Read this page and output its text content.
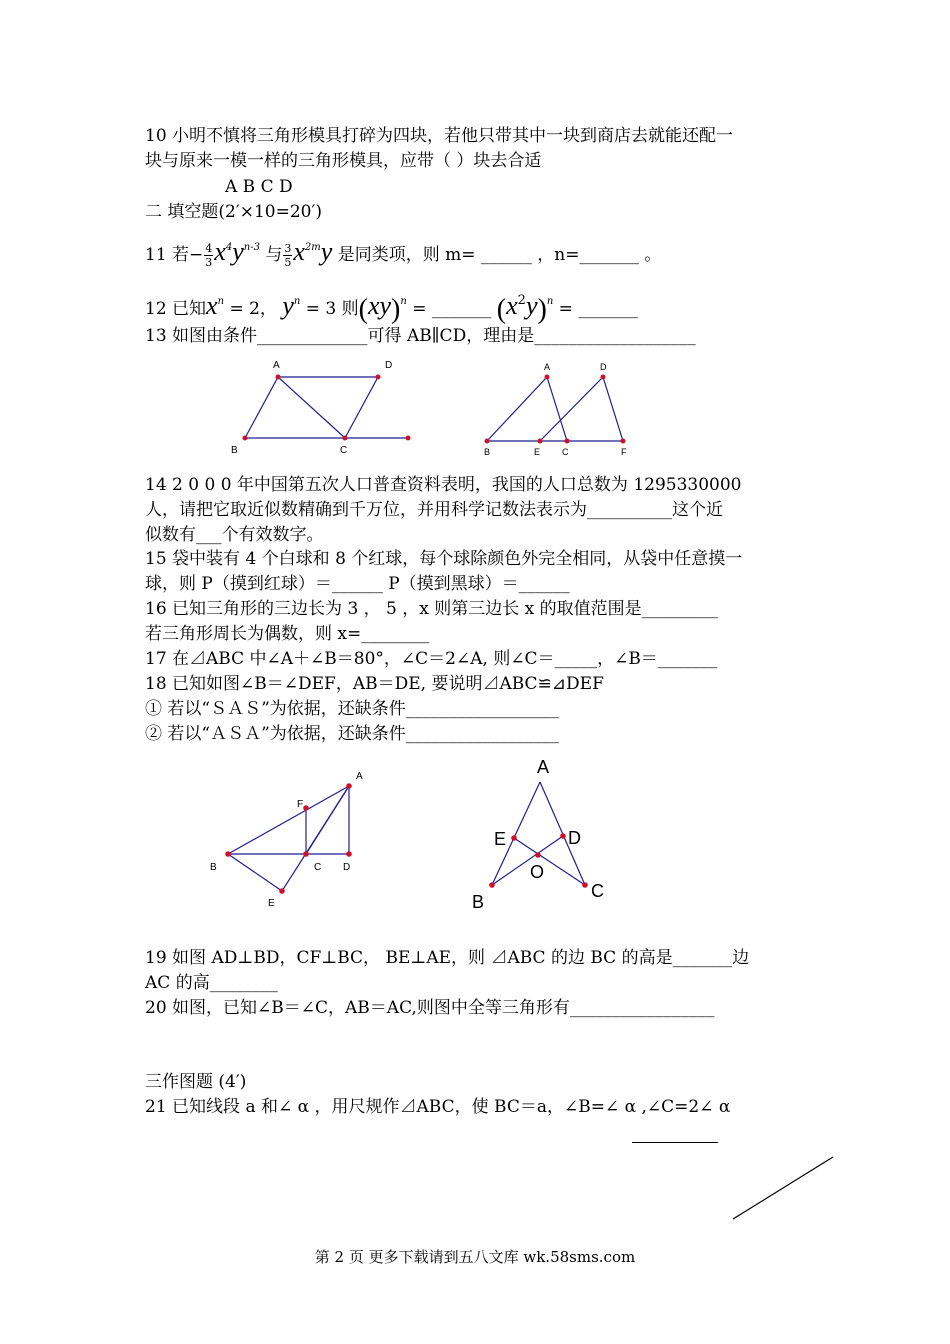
10 小明不慎将三角形模具打碎为四块，若他只带其中一块到商店去就能还配一
块与原来一模一样的三角形模具，应带（ ）块去合适
A B C D
二 填空题(2′×10=20′)
11 若− $\frac{4}{3} x^4y^{n-3}$ 与 $\frac{3}{5} x^{2m}y$ 是同类项，则 m= ______ ，n=_______ 。
12 已知$x^n = 2$， $y^n = 3$ 则(xy)$^n$ = _______ $(x^2y)^n$ = _______
13 如图由条件_____________可得 AB∥CD，理由是___________________
A	D
B	C
A	D
B	E C	F
14 2 0 0 0 年中国第五次人口普查资料表明，我国的人口总数为 1295330000
人，请把它取近似数精确到千万位，并用科学记数法表示为__________这个近
似数有___个有效数字。
15 袋中装有 4 个白球和 8 个红球，每个球除颜色外完全相同，从袋中任意摸一
球，则 P（摸到红球）＝______ P（摸到黑球）＝______
16 已知三角形的三边长为 3 ， 5 ，x 则第三边长 x 的取值范围是_________
若三角形周长为偶数，则 x=________
17 在⊿ABC 中∠A＋∠B＝80°，∠C＝2∠A, 则∠C＝_____，∠B＝_______
18 已知如图∠B＝∠DEF，AB＝DE, 要说明⊿ABC≌⊿DEF
① 若以“ＳＡＳ”为依据，还缺条件__________________
② 若以“ＡＳＡ”为依据，还缺条件__________________
A
F
B	C D
E
A
E	D
O
B
C
19 如图 AD⊥BD，CF⊥BC， BE⊥AE，则 ⊿ABC 的边 BC 的高是_______边
AC 的高________
20 如图，已知∠B＝∠C，AB＝AC,则图中全等三角形有_________________
三作图题 (4′)
21 已知线段 a 和∠ α ，用尺规作⊿ABC，使 BC＝a，∠B=∠ α ,∠C=2∠ α
第 2 页 更多下载请到五八文库 wk.58sms.com
